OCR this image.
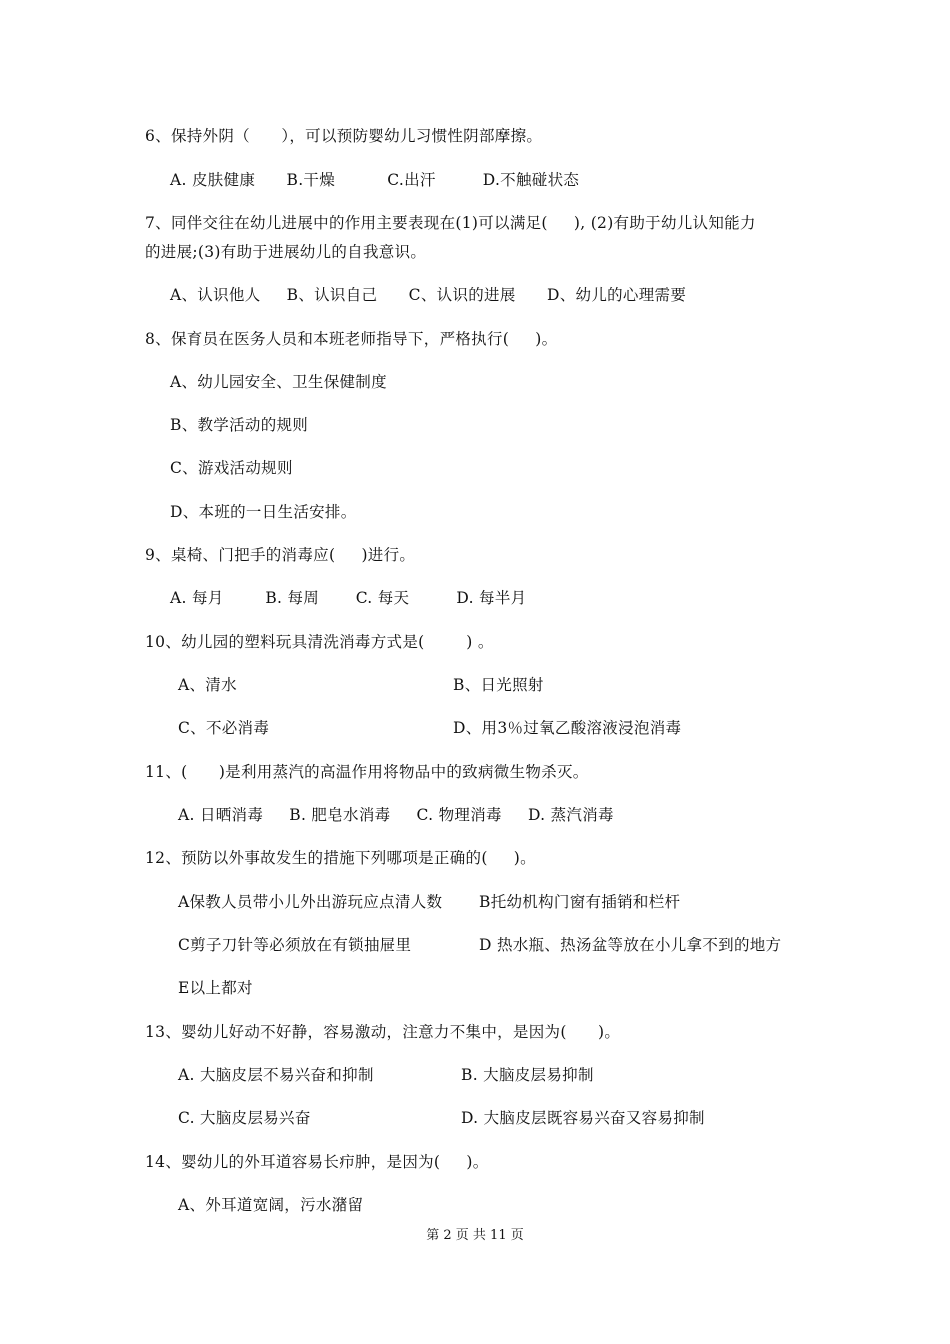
6、保持外阴（      ），可以预防婴幼儿习惯性阴部摩擦。
A. 皮肤健康      B.干燥          C.出汗         D.不触碰状态
7、同伴交往在幼儿进展中的作用主要表现在(1)可以满足(     ), (2)有助于幼儿认知能力
的进展;(3)有助于进展幼儿的自我意识。
A、认识他人     B、认识自己      C、认识的进展      D、幼儿的心理需要
8、保育员在医务人员和本班老师指导下，严格执行(     )。
A、幼儿园安全、卫生保健制度
B、教学活动的规则
C、游戏活动规则
D、本班的一日生活安排。
9、桌椅、门把手的消毒应(     )进行。
A. 每月        B. 每周       C. 每天         D. 每半月
10、幼儿园的塑料玩具清洗消毒方式是(        ) 。
A、清水	B、日光照射
C、不必消毒	D、用3％过氧乙酸溶液浸泡消毒
11、(      )是利用蒸汽的高温作用将物品中的致病微生物杀灭。
A. 日晒消毒     B. 肥皂水消毒     C. 物理消毒     D. 蒸汽消毒
12、预防以外事故发生的措施下列哪项是正确的(     )。
A保教人员带小儿外出游玩应点清人数 B托幼机构门窗有插销和栏杆
C剪子刀针等必须放在有锁抽屉里	D 热水瓶、热汤盆等放在小儿拿不到的地方
E以上都对
13、婴幼儿好动不好静，容易激动，注意力不集中，是因为(      )。
A. 大脑皮层不易兴奋和抑制	B. 大脑皮层易抑制
C. 大脑皮层易兴奋	D. 大脑皮层既容易兴奋又容易抑制
14、婴幼儿的外耳道容易长疖肿，是因为(     )。
A、外耳道宽阔，污水潴留
第 2 页 共 11 页
